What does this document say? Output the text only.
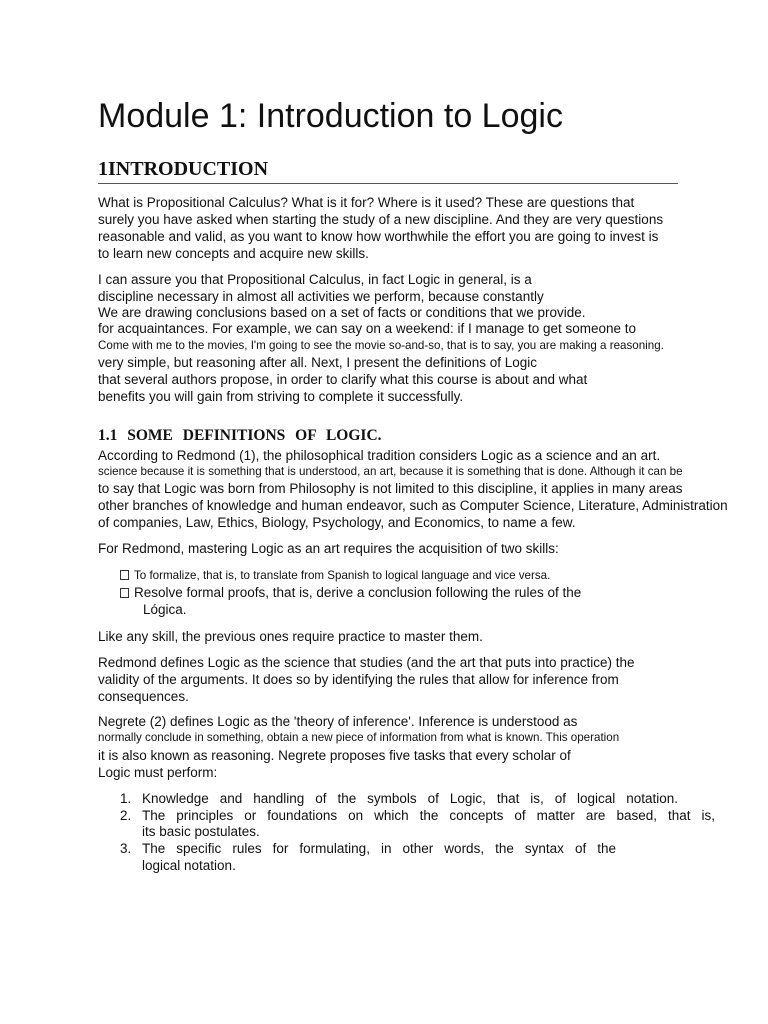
Module 1: Introduction to Logic
1INTRODUCTION
What is Propositional Calculus? What is it for? Where is it used? These are questions that
surely you have asked when starting the study of a new discipline. And they are very questions
reasonable and valid, as you want to know how worthwhile the effort you are going to invest is
to learn new concepts and acquire new skills.
I can assure you that Propositional Calculus, in fact Logic in general, is a
discipline necessary in almost all activities we perform, because constantly
We are drawing conclusions based on a set of facts or conditions that we provide.
for acquaintances. For example, we can say on a weekend: if I manage to get someone to
Come with me to the movies, I'm going to see the movie so-and-so, that is to say, you are making a reasoning.
very simple, but reasoning after all. Next, I present the definitions of Logic
that several authors propose, in order to clarify what this course is about and what
benefits you will gain from striving to complete it successfully.
1.1 SOME DEFINITIONS OF LOGIC.
According to Redmond (1), the philosophical tradition considers Logic as a science and an art.
science because it is something that is understood, an art, because it is something that is done. Although it can be
to say that Logic was born from Philosophy is not limited to this discipline, it applies in many areas
other branches of knowledge and human endeavor, such as Computer Science, Literature, Administration
of companies, Law, Ethics, Biology, Psychology, and Economics, to name a few.
For Redmond, mastering Logic as an art requires the acquisition of two skills:
To formalize, that is, to translate from Spanish to logical language and vice versa.
Resolve formal proofs, that is, derive a conclusion following the rules of the
Lógica.
Like any skill, the previous ones require practice to master them.
Redmond defines Logic as the science that studies (and the art that puts into practice) the
validity of the arguments. It does so by identifying the rules that allow for inference from
consequences.
Negrete (2) defines Logic as the 'theory of inference'. Inference is understood as
normally conclude in something, obtain a new piece of information from what is known. This operation
it is also known as reasoning. Negrete proposes five tasks that every scholar of
Logic must perform:
1. Knowledge and handling of the symbols of Logic, that is, of logical notation.
2. The principles or foundations on which the concepts of matter are based, that is,
its basic postulates.
3. The specific rules for formulating, in other words, the syntax of the
logical notation.
